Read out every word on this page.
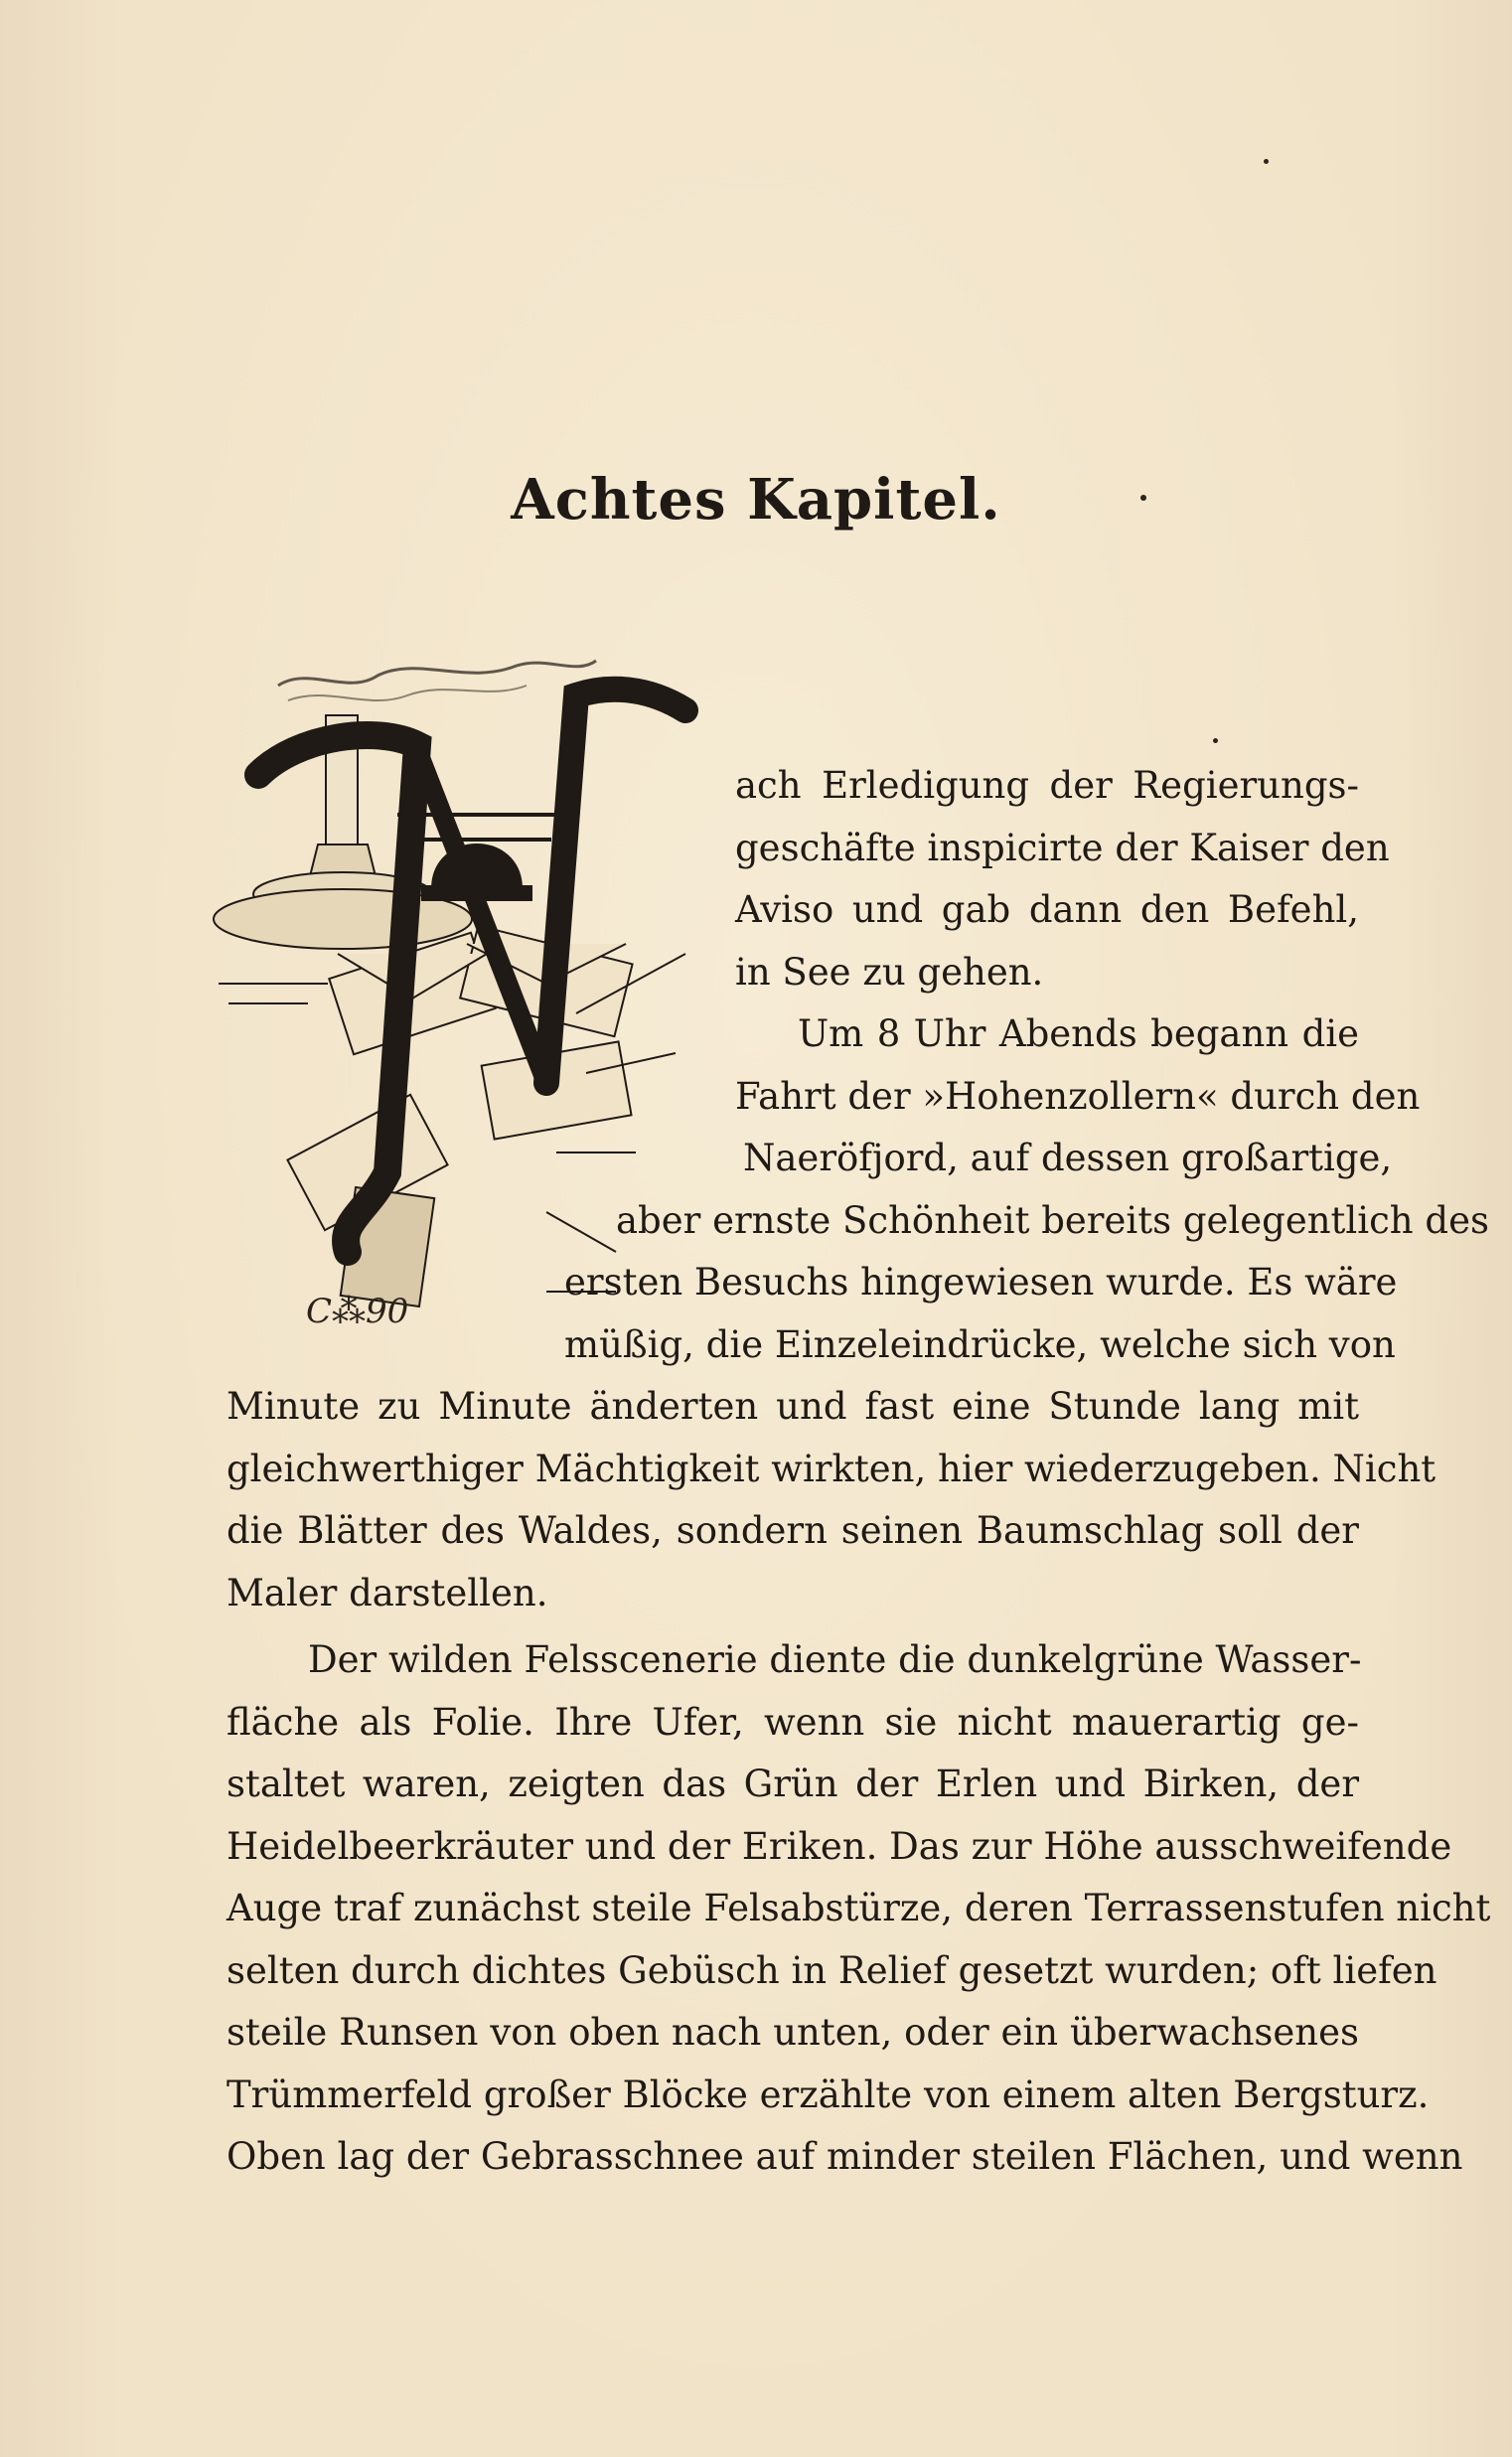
Achtes Kapitel.
C⁂90
ach Erledigung der Regierungs-
geschäfte inspicirte der Kaiser den
Aviso und gab dann den Befehl,
in See zu gehen.
Um 8 Uhr Abends begann die
Fahrt der »Hohenzollern« durch den
Naeröfjord, auf dessen großartige,
aber ernste Schönheit bereits gelegentlich des
ersten Besuchs hingewiesen wurde. Es wäre
müßig, die Einzeleindrücke, welche sich von
Minute zu Minute änderten und fast eine Stunde lang mit
gleichwerthiger Mächtigkeit wirkten, hier wiederzugeben. Nicht
die Blätter des Waldes, sondern seinen Baumschlag soll der
Maler darstellen.
Der wilden Felsscenerie diente die dunkelgrüne Wasser-
fläche als Folie. Ihre Ufer, wenn sie nicht mauerartig ge-
staltet waren, zeigten das Grün der Erlen und Birken, der
Heidelbeerkräuter und der Eriken. Das zur Höhe ausschweifende
Auge traf zunächst steile Felsabstürze, deren Terrassenstufen nicht
selten durch dichtes Gebüsch in Relief gesetzt wurden; oft liefen
steile Runsen von oben nach unten, oder ein überwachsenes
Trümmerfeld großer Blöcke erzählte von einem alten Bergsturz.
Oben lag der Gebrasschnee auf minder steilen Flächen, und wenn
